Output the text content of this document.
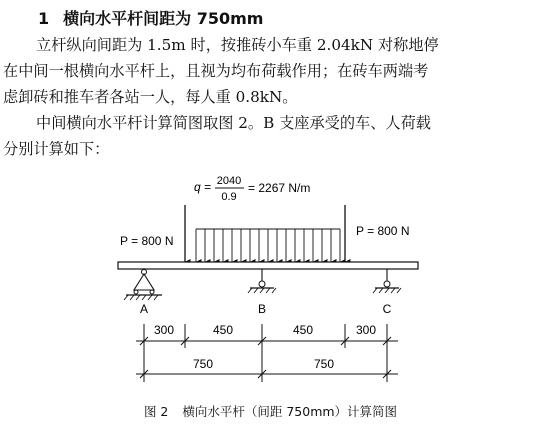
1 横向水平杆间距为 750mm

立杆纵向间距为 1.5m 时，按推砖小车重 2.04kN 对称地停

在中间一根横向水平杆上，且视为均布荷载作用；在砖车两端考

虑卸砖和推车者各站一人，每人重 0.8kN。

中间横向水平杆计算简图取图 2。B 支座承受的车、人荷载

分别计算如下：

q = 2040
0.9
= 2267 N/m
P = 800 N
P = 800 N
A	B	C
300	450	450	300
750	750
图 2 横向水平杆（间距 750mm）计算简图
